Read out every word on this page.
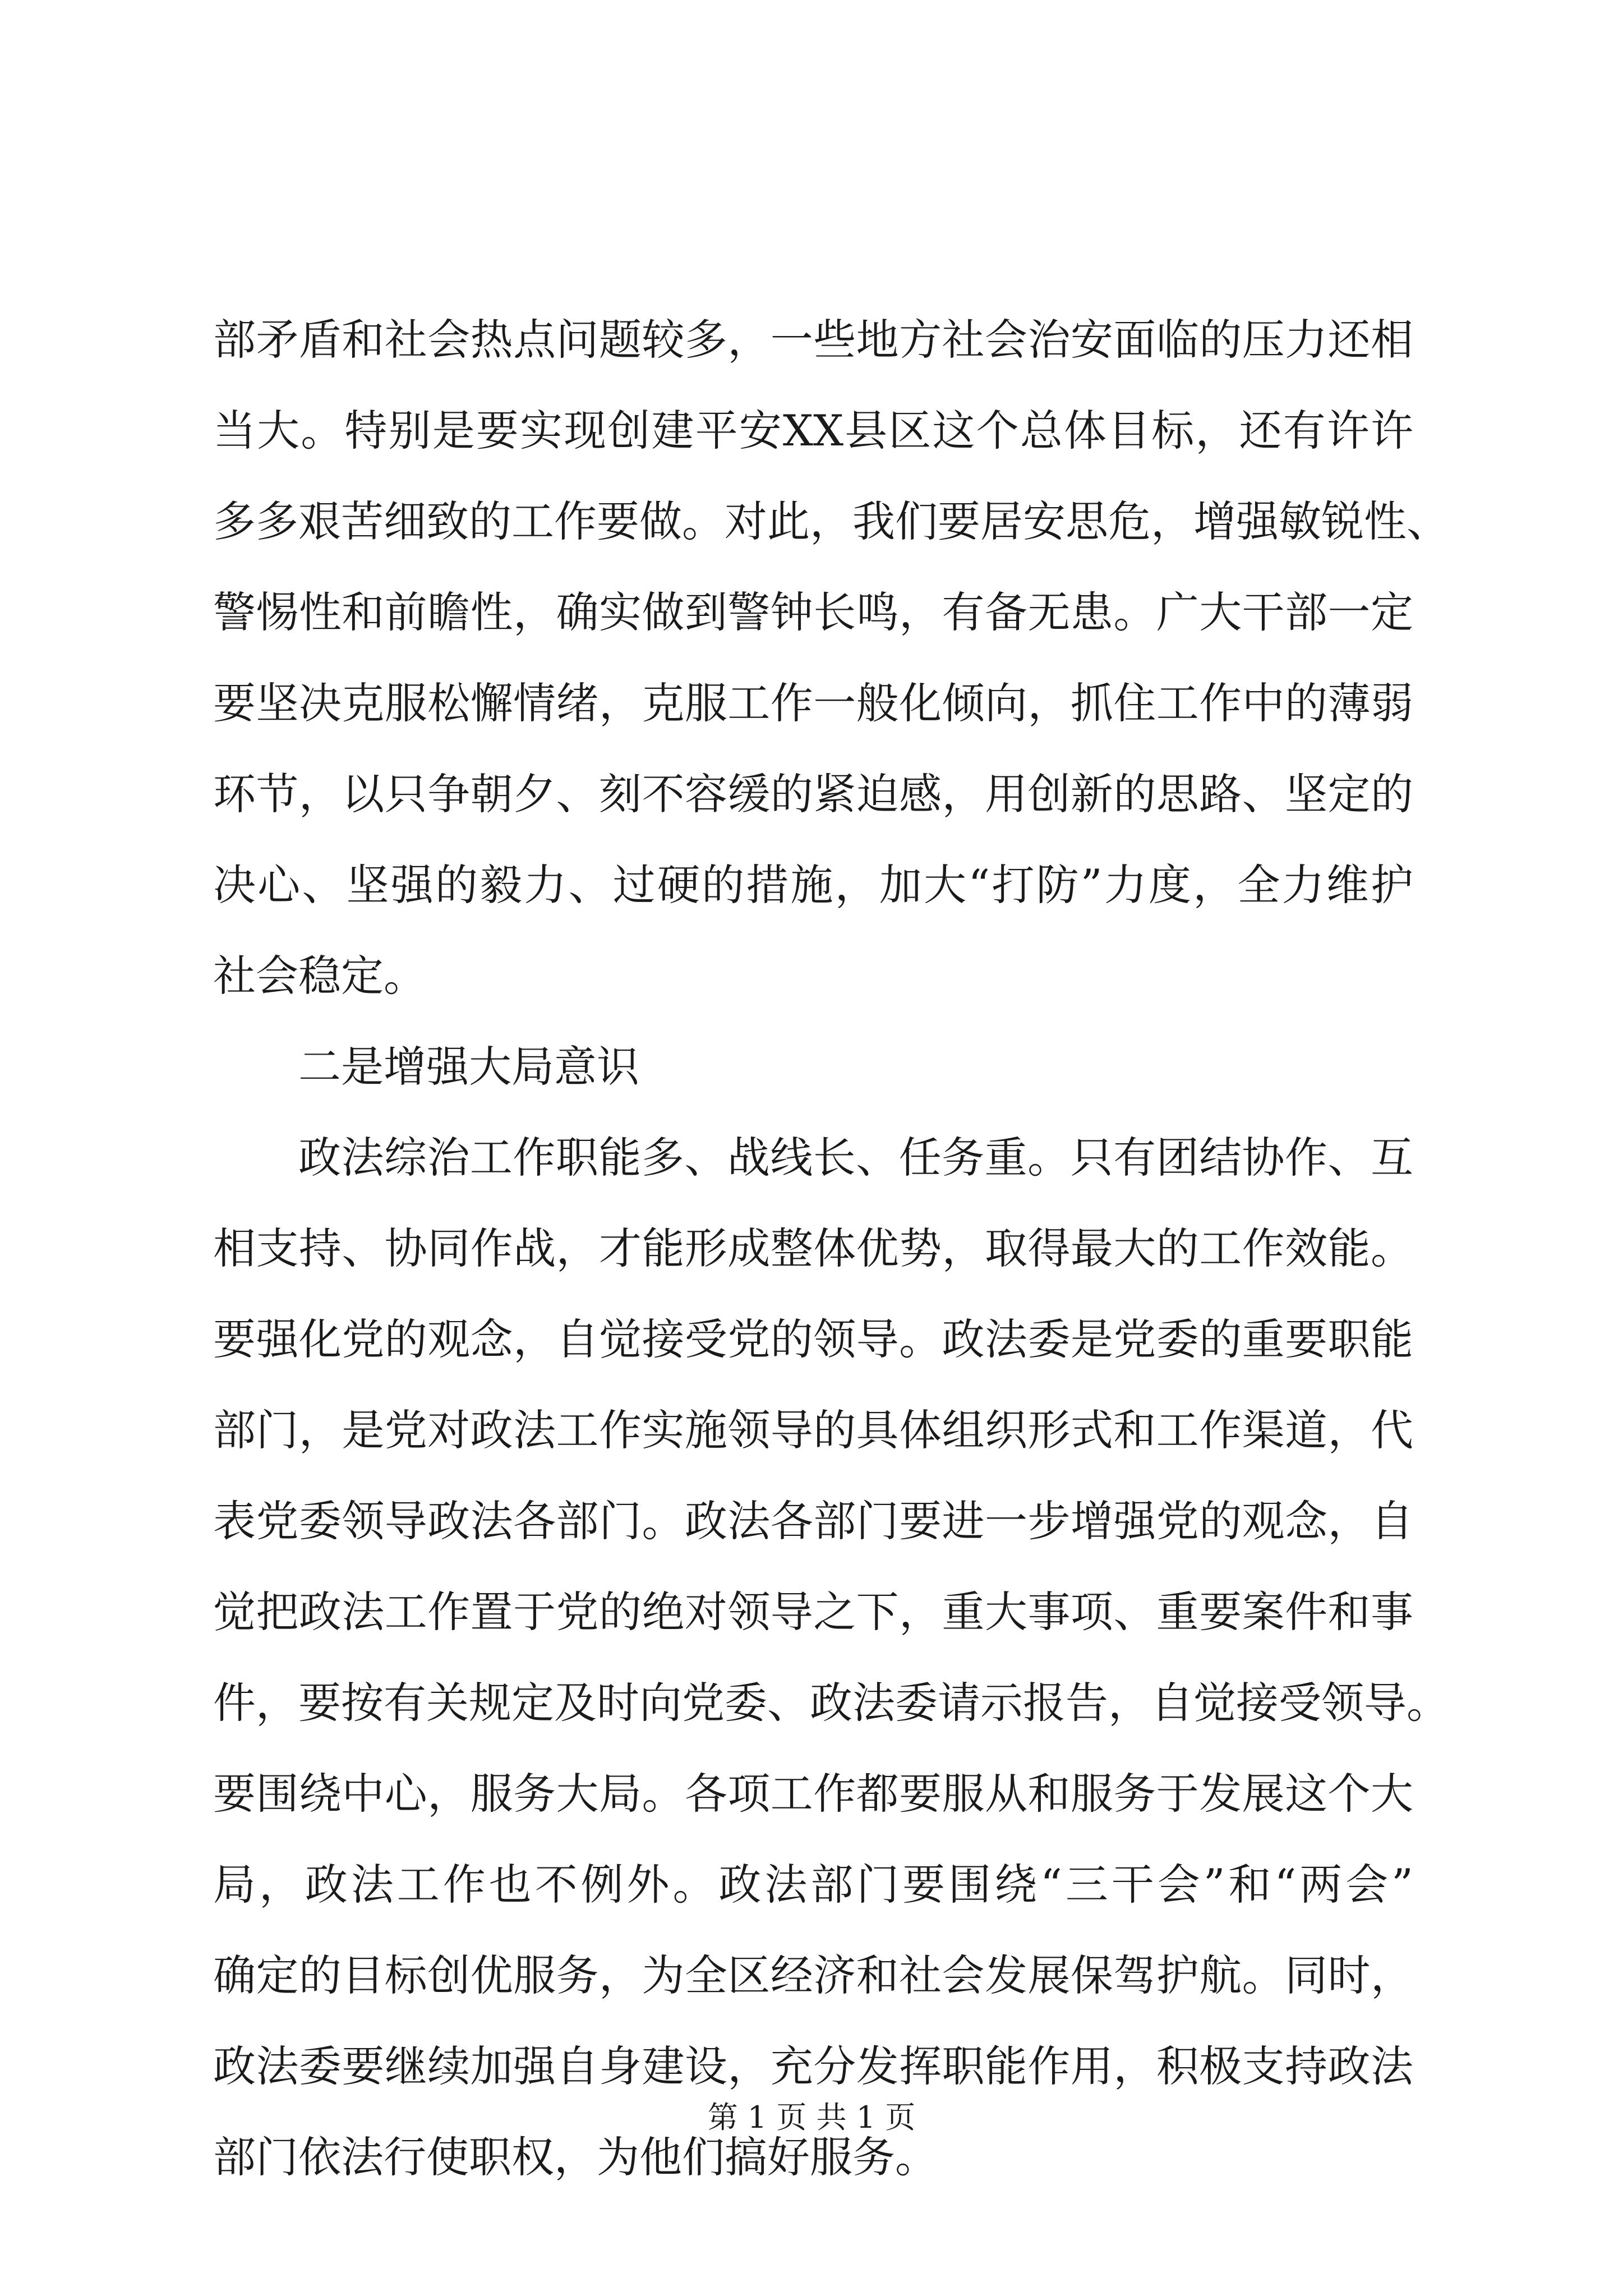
部矛盾和社会热点问题较多，一些地方社会治安面临的压力还相
当大。特别是要实现创建平安XX县区这个总体目标，还有许许
多多艰苦细致的工作要做。对此，我们要居安思危，增强敏锐性、
警惕性和前瞻性，确实做到警钟长鸣，有备无患。广大干部一定
要坚决克服松懈情绪，克服工作一般化倾向，抓住工作中的薄弱
环节，以只争朝夕、刻不容缓的紧迫感，用创新的思路、坚定的
决心、坚强的毅力、过硬的措施，加大“打防”力度，全力维护
社会稳定。
二是增强大局意识
政法综治工作职能多、战线长、任务重。只有团结协作、互
相支持、协同作战，才能形成整体优势，取得最大的工作效能。
要强化党的观念，自觉接受党的领导。政法委是党委的重要职能
部门，是党对政法工作实施领导的具体组织形式和工作渠道，代
表党委领导政法各部门。政法各部门要进一步增强党的观念，自
觉把政法工作置于党的绝对领导之下，重大事项、重要案件和事
件，要按有关规定及时向党委、政法委请示报告，自觉接受领导。
要围绕中心，服务大局。各项工作都要服从和服务于发展这个大
局，政法工作也不例外。政法部门要围绕“三干会”和“两会”
确定的目标创优服务，为全区经济和社会发展保驾护航。同时，
政法委要继续加强自身建设，充分发挥职能作用，积极支持政法
部门依法行使职权，为他们搞好服务。
第 1 页 共 1 页
